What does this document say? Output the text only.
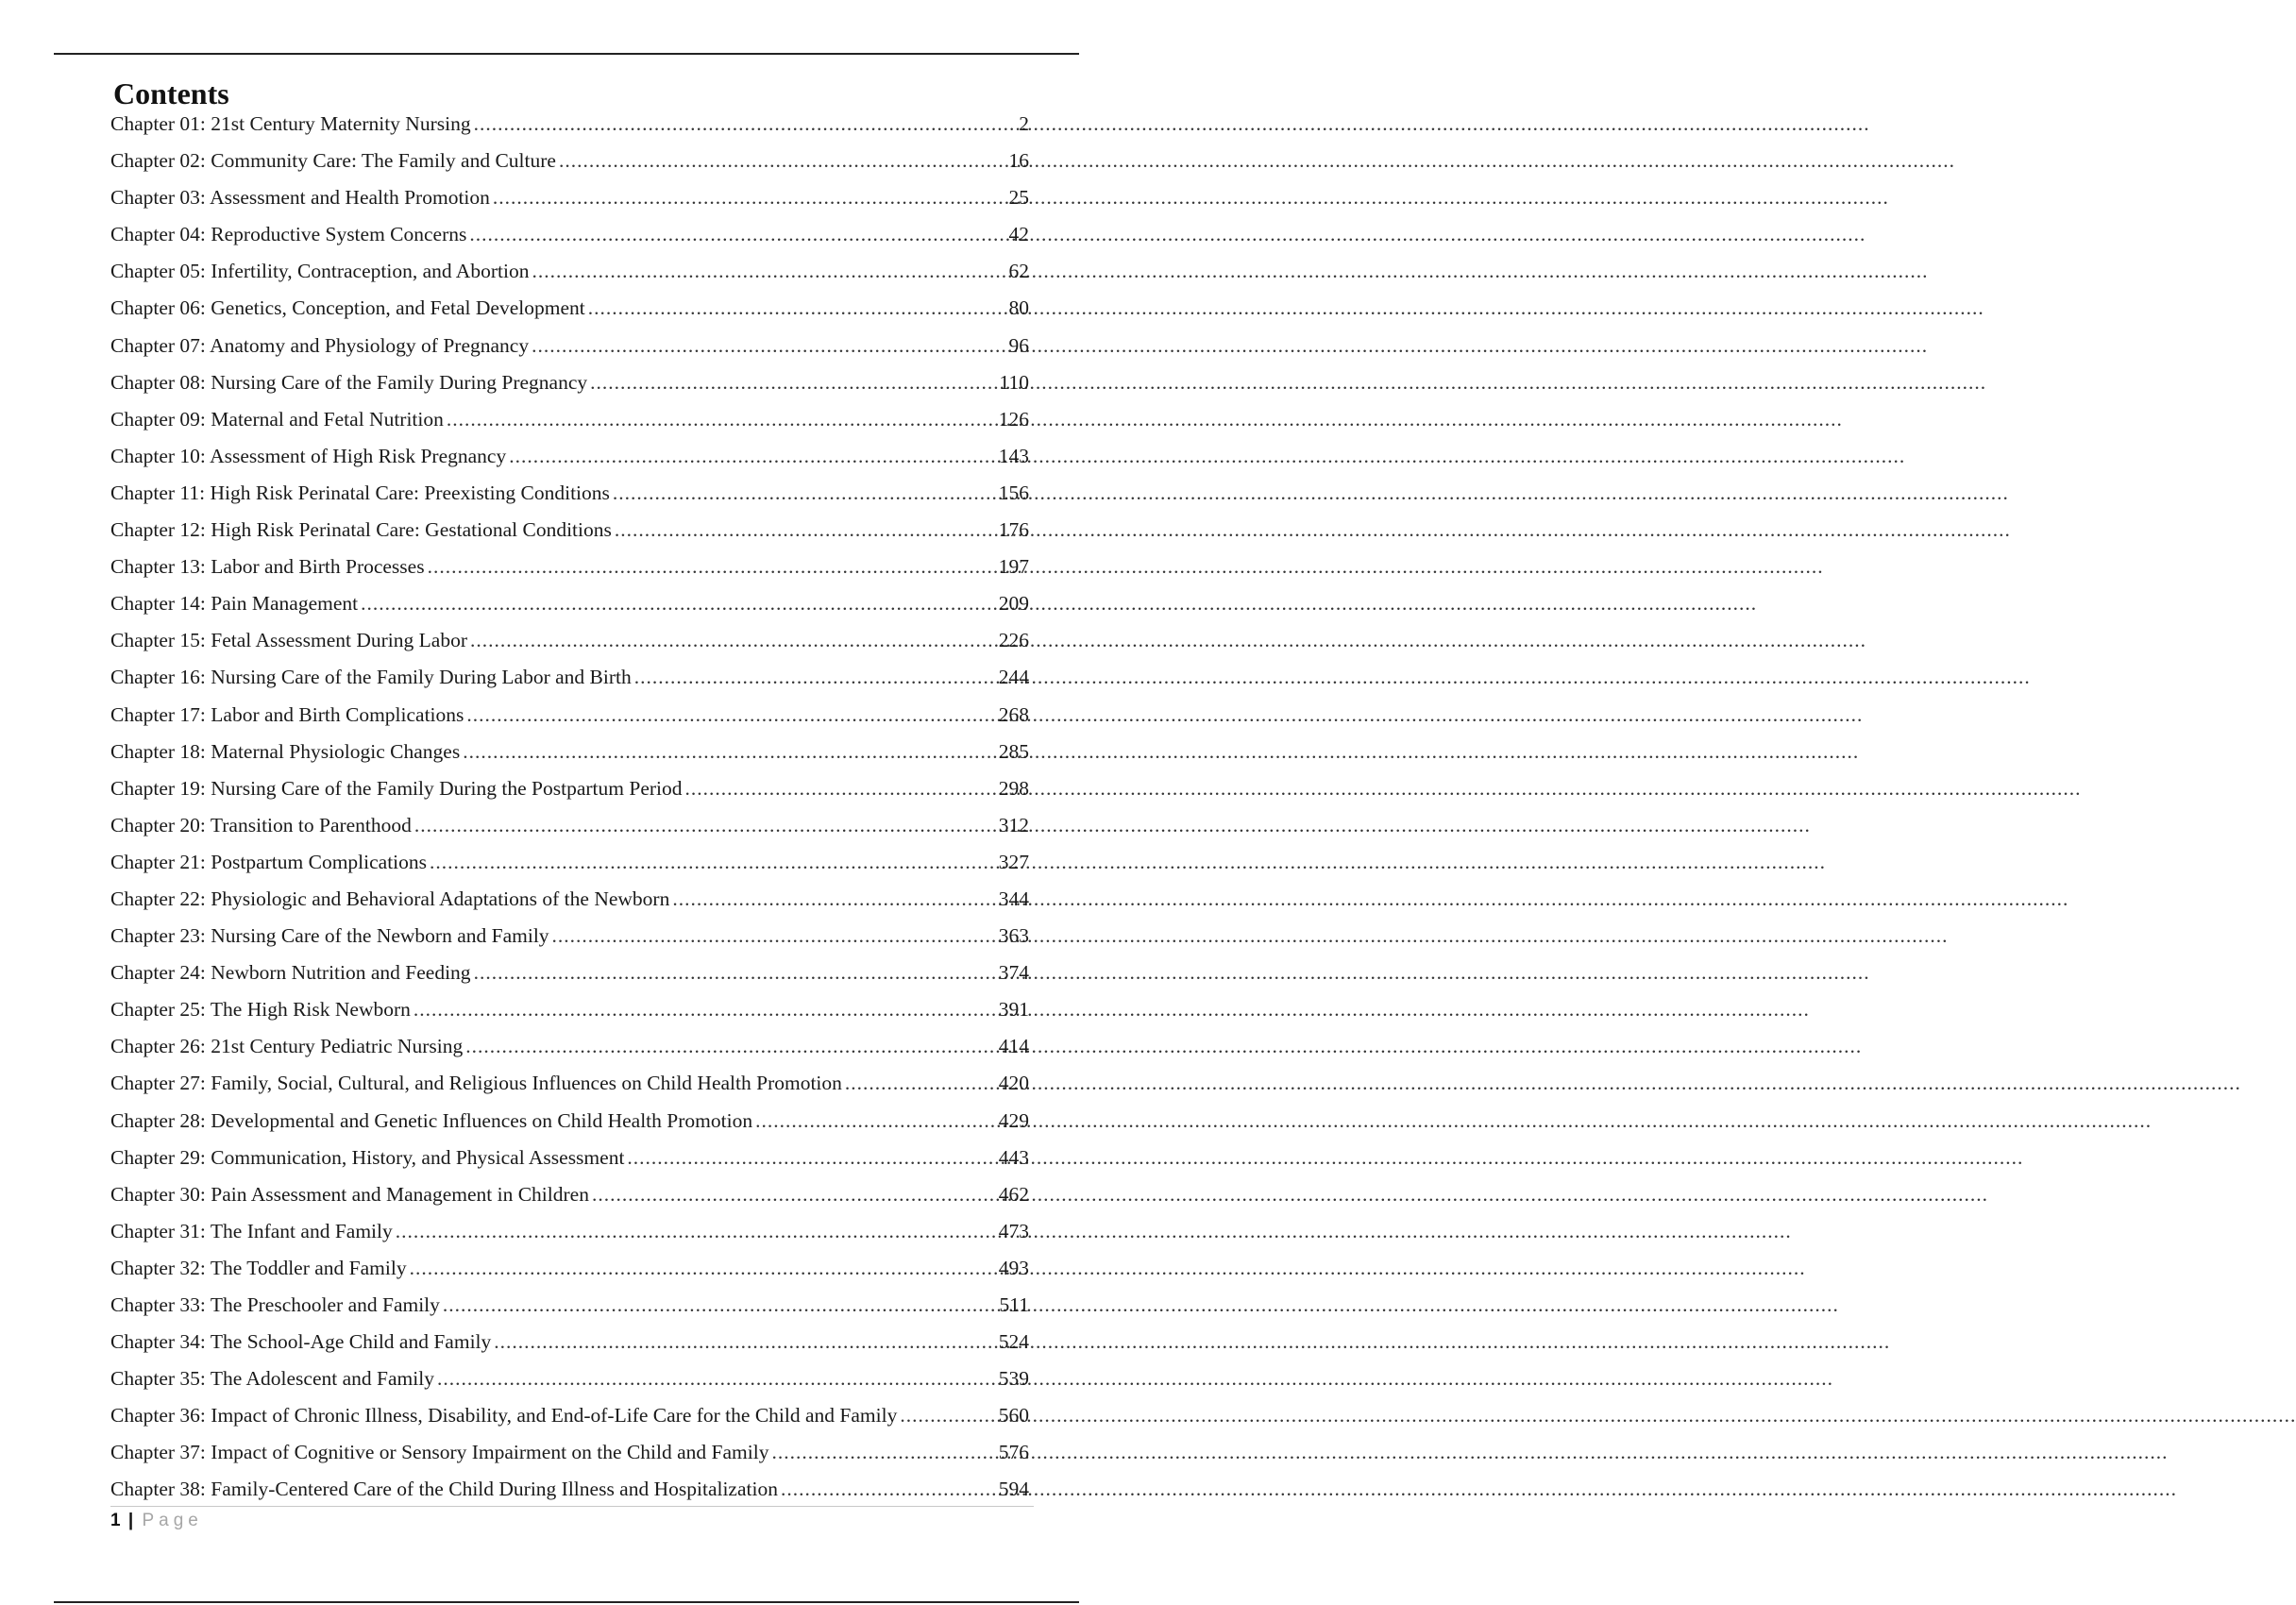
Contents
Chapter 01: 21st Century Maternity Nursing .....	2
Chapter 02: Community Care: The Family and Culture .....	16
Chapter 03: Assessment and Health Promotion .....	25
Chapter 04: Reproductive System Concerns .....	42
Chapter 05: Infertility, Contraception, and Abortion .....	62
Chapter 06: Genetics, Conception, and Fetal Development .....	80
Chapter 07: Anatomy and Physiology of Pregnancy .....	96
Chapter 08: Nursing Care of the Family During Pregnancy .....	110
Chapter 09: Maternal and Fetal Nutrition .....	126
Chapter 10: Assessment of High Risk Pregnancy .....	143
Chapter 11: High Risk Perinatal Care: Preexisting Conditions .....	156
Chapter 12: High Risk Perinatal Care: Gestational Conditions .....	176
Chapter 13: Labor and Birth Processes .....	197
Chapter 14: Pain Management .....	209
Chapter 15: Fetal Assessment During Labor .....	226
Chapter 16: Nursing Care of the Family During Labor and Birth .....	244
Chapter 17: Labor and Birth Complications .....	268
Chapter 18: Maternal Physiologic Changes .....	285
Chapter 19: Nursing Care of the Family During the Postpartum Period .....	298
Chapter 20: Transition to Parenthood .....	312
Chapter 21: Postpartum Complications .....	327
Chapter 22: Physiologic and Behavioral Adaptations of the Newborn .....	344
Chapter 23: Nursing Care of the Newborn and Family .....	363
Chapter 24: Newborn Nutrition and Feeding .....	374
Chapter 25: The High Risk Newborn .....	391
Chapter 26: 21st Century Pediatric Nursing .....	414
Chapter 27: Family, Social, Cultural, and Religious Influences on Child Health Promotion .....	420
Chapter 28: Developmental and Genetic Influences on Child Health Promotion .....	429
Chapter 29: Communication, History, and Physical Assessment .....	443
Chapter 30: Pain Assessment and Management in Children .....	462
Chapter 31: The Infant and Family .....	473
Chapter 32: The Toddler and Family .....	493
Chapter 33: The Preschooler and Family .....	511
Chapter 34: The School-Age Child and Family .....	524
Chapter 35: The Adolescent and Family .....	539
Chapter 36: Impact of Chronic Illness, Disability, and End-of-Life Care for the Child and Family .....	560
Chapter 37: Impact of Cognitive or Sensory Impairment on the Child and Family .....	576
Chapter 38: Family-Centered Care of the Child During Illness and Hospitalization .....	594
1 | Page
